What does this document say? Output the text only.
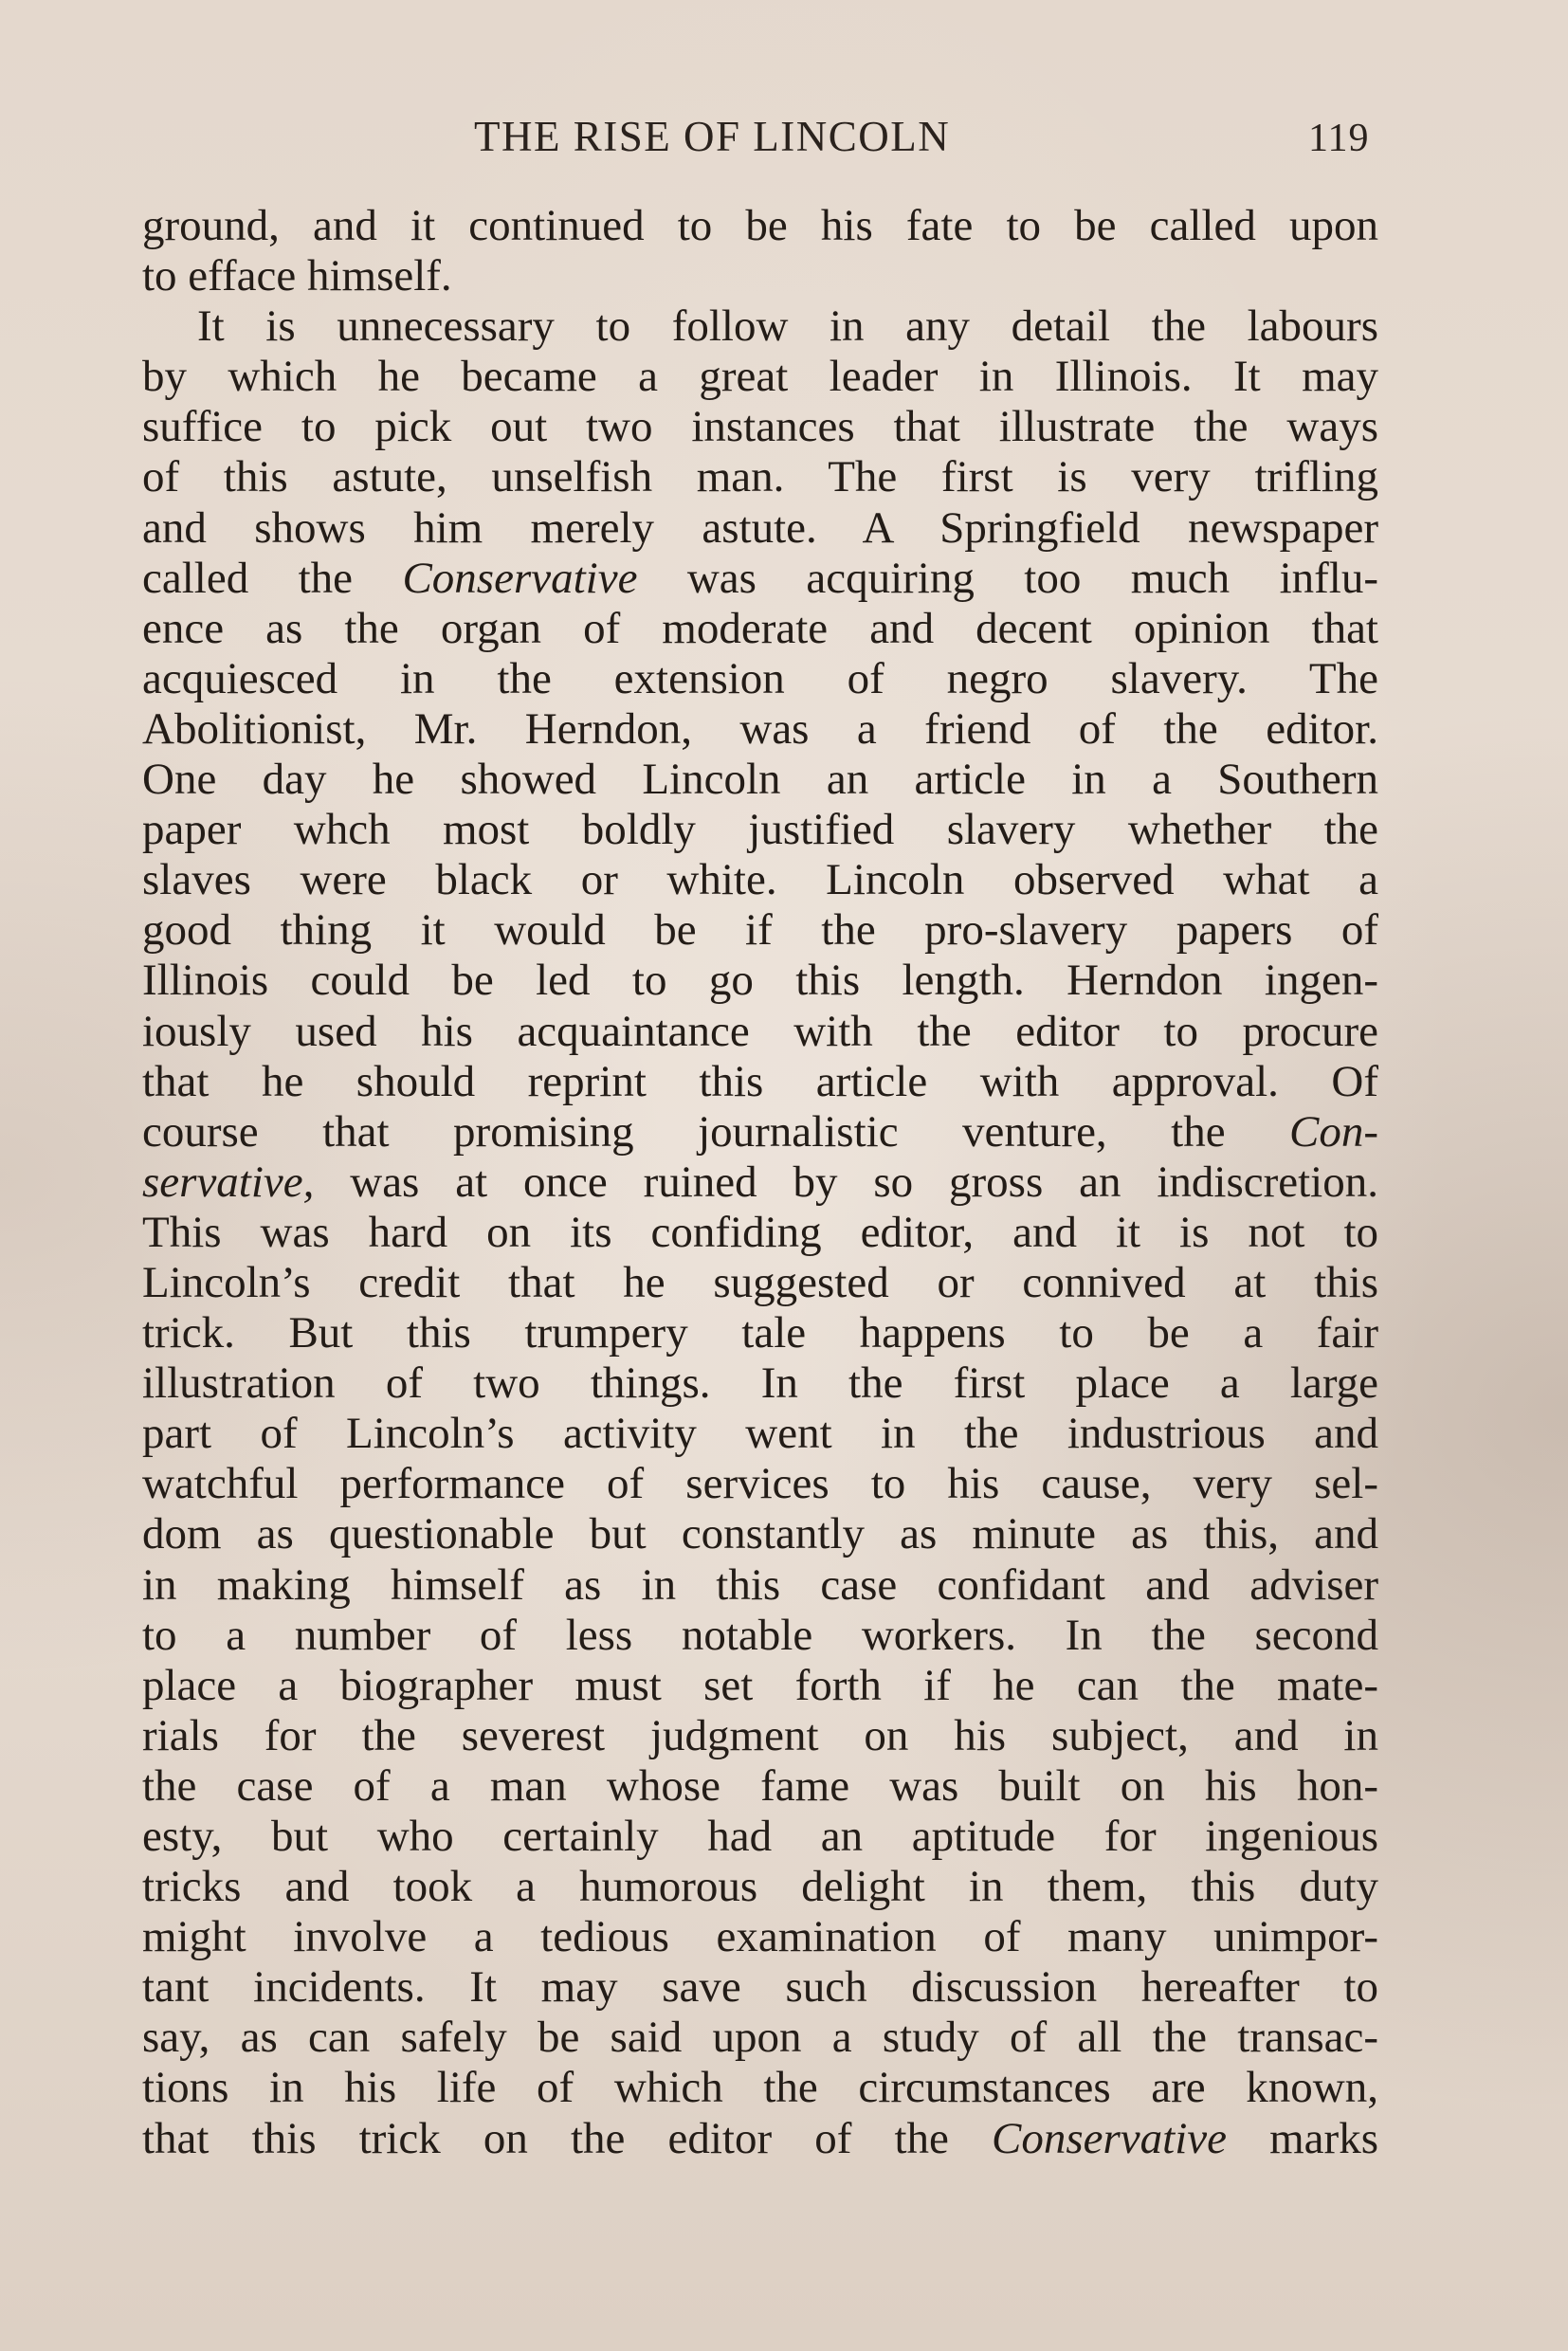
THE RISE OF LINCOLN	119
ground, and it continued to be his fate to be called upon
to efface himself.
It is unnecessary to follow in any detail the labours
by which he became a great leader in Illinois. It may
suffice to pick out two instances that illustrate the ways
of this astute, unselfish man. The first is very trifling
and shows him merely astute. A Springfield newspaper
called the Conservative was acquiring too much influ-
ence as the organ of moderate and decent opinion that
acquiesced in the extension of negro slavery. The
Abolitionist, Mr. Herndon, was a friend of the editor.
One day he showed Lincoln an article in a Southern
paper whch most boldly justified slavery whether the
slaves were black or white. Lincoln observed what a
good thing it would be if the pro-slavery papers of
Illinois could be led to go this length. Herndon ingen-
iously used his acquaintance with the editor to procure
that he should reprint this article with approval. Of
course that promising journalistic venture, the Con-
servative, was at once ruined by so gross an indiscretion.
This was hard on its confiding editor, and it is not to
Lincoln’s credit that he suggested or connived at this
trick. But this trumpery tale happens to be a fair
illustration of two things. In the first place a large
part of Lincoln’s activity went in the industrious and
watchful performance of services to his cause, very sel-
dom as questionable but constantly as minute as this, and
in making himself as in this case confidant and adviser
to a number of less notable workers. In the second
place a biographer must set forth if he can the mate-
rials for the severest judgment on his subject, and in
the case of a man whose fame was built on his hon-
esty, but who certainly had an aptitude for ingenious
tricks and took a humorous delight in them, this duty
might involve a tedious examination of many unimpor-
tant incidents. It may save such discussion hereafter to
say, as can safely be said upon a study of all the transac-
tions in his life of which the circumstances are known,
that this trick on the editor of the Conservative marks
